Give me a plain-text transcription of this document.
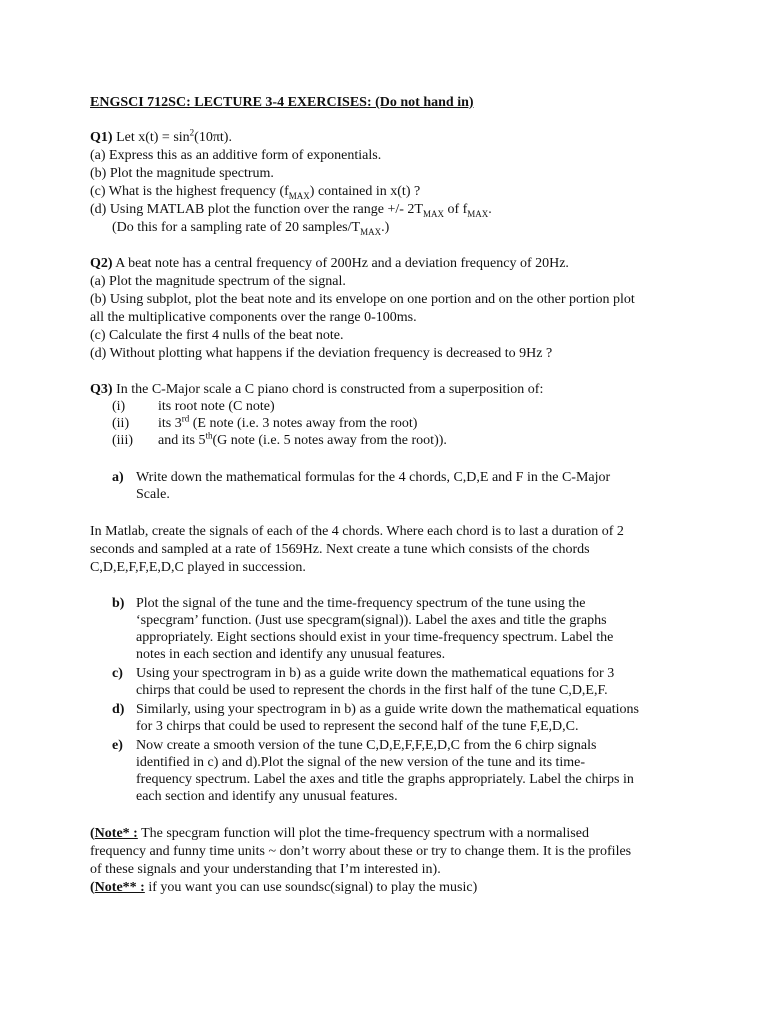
ENGSCI 712SC: LECTURE 3-4 EXERCISES: (Do not hand in)
Q1) Let $x(t) = \sin^2(10\pi t)$.
(a) Express this as an additive form of exponentials.
(b) Plot the magnitude spectrum.
(c) What is the highest frequency $(f_{MAX})$ contained in x(t) ?
(d) Using MATLAB plot the function over the range +/- $2T_{MAX}$ of $f_{MAX}$.
(Do this for a sampling rate of 20 samples/$T_{MAX}$.)
Q2) A beat note has a central frequency of 200Hz and a deviation frequency of 20Hz.
(a) Plot the magnitude spectrum of the signal.
(b) Using subplot, plot the beat note and its envelope on one portion and on the other portion plot
all the multiplicative components over the range 0-100ms.
(c) Calculate the first 4 nulls of the beat note.
(d) Without plotting what happens if the deviation frequency is decreased to 9Hz ?
Q3) In the C-Major scale a C piano chord is constructed from a superposition of:
(i) its root note (C note)
(ii) its 3rd (E note (i.e. 3 notes away from the root)
(iii) and its 5th(G note (i.e. 5 notes away from the root)).
a) Write down the mathematical formulas for the 4 chords, C,D,E and F in the C-Major
Scale.
In Matlab, create the signals of each of the 4 chords. Where each chord is to last a duration of 2
seconds and sampled at a rate of 1569Hz. Next create a tune which consists of the chords
C,D,E,F,F,E,D,C played in succession.
b) Plot the signal of the tune and the time-frequency spectrum of the tune using the
‘specgram’ function. (Just use specgram(signal)). Label the axes and title the graphs
appropriately. Eight sections should exist in your time-frequency spectrum. Label the
notes in each section and identify any unusual features.
c) Using your spectrogram in b) as a guide write down the mathematical equations for 3
chirps that could be used to represent the chords in the first half of the tune C,D,E,F.
d) Similarly, using your spectrogram in b) as a guide write down the mathematical equations
for 3 chirps that could be used to represent the second half of the tune F,E,D,C.
e) Now create a smooth version of the tune C,D,E,F,F,E,D,C from the 6 chirp signals
identified in c) and d).Plot the signal of the new version of the tune and its time-
frequency spectrum. Label the axes and title the graphs appropriately. Label the chirps in
each section and identify any unusual features.
(Note* : The specgram function will plot the time-frequency spectrum with a normalised
frequency and funny time units ~ don’t worry about these or try to change them. It is the profiles
of these signals and your understanding that I’m interested in).
(Note** : if you want you can use soundsc(signal) to play the music)
